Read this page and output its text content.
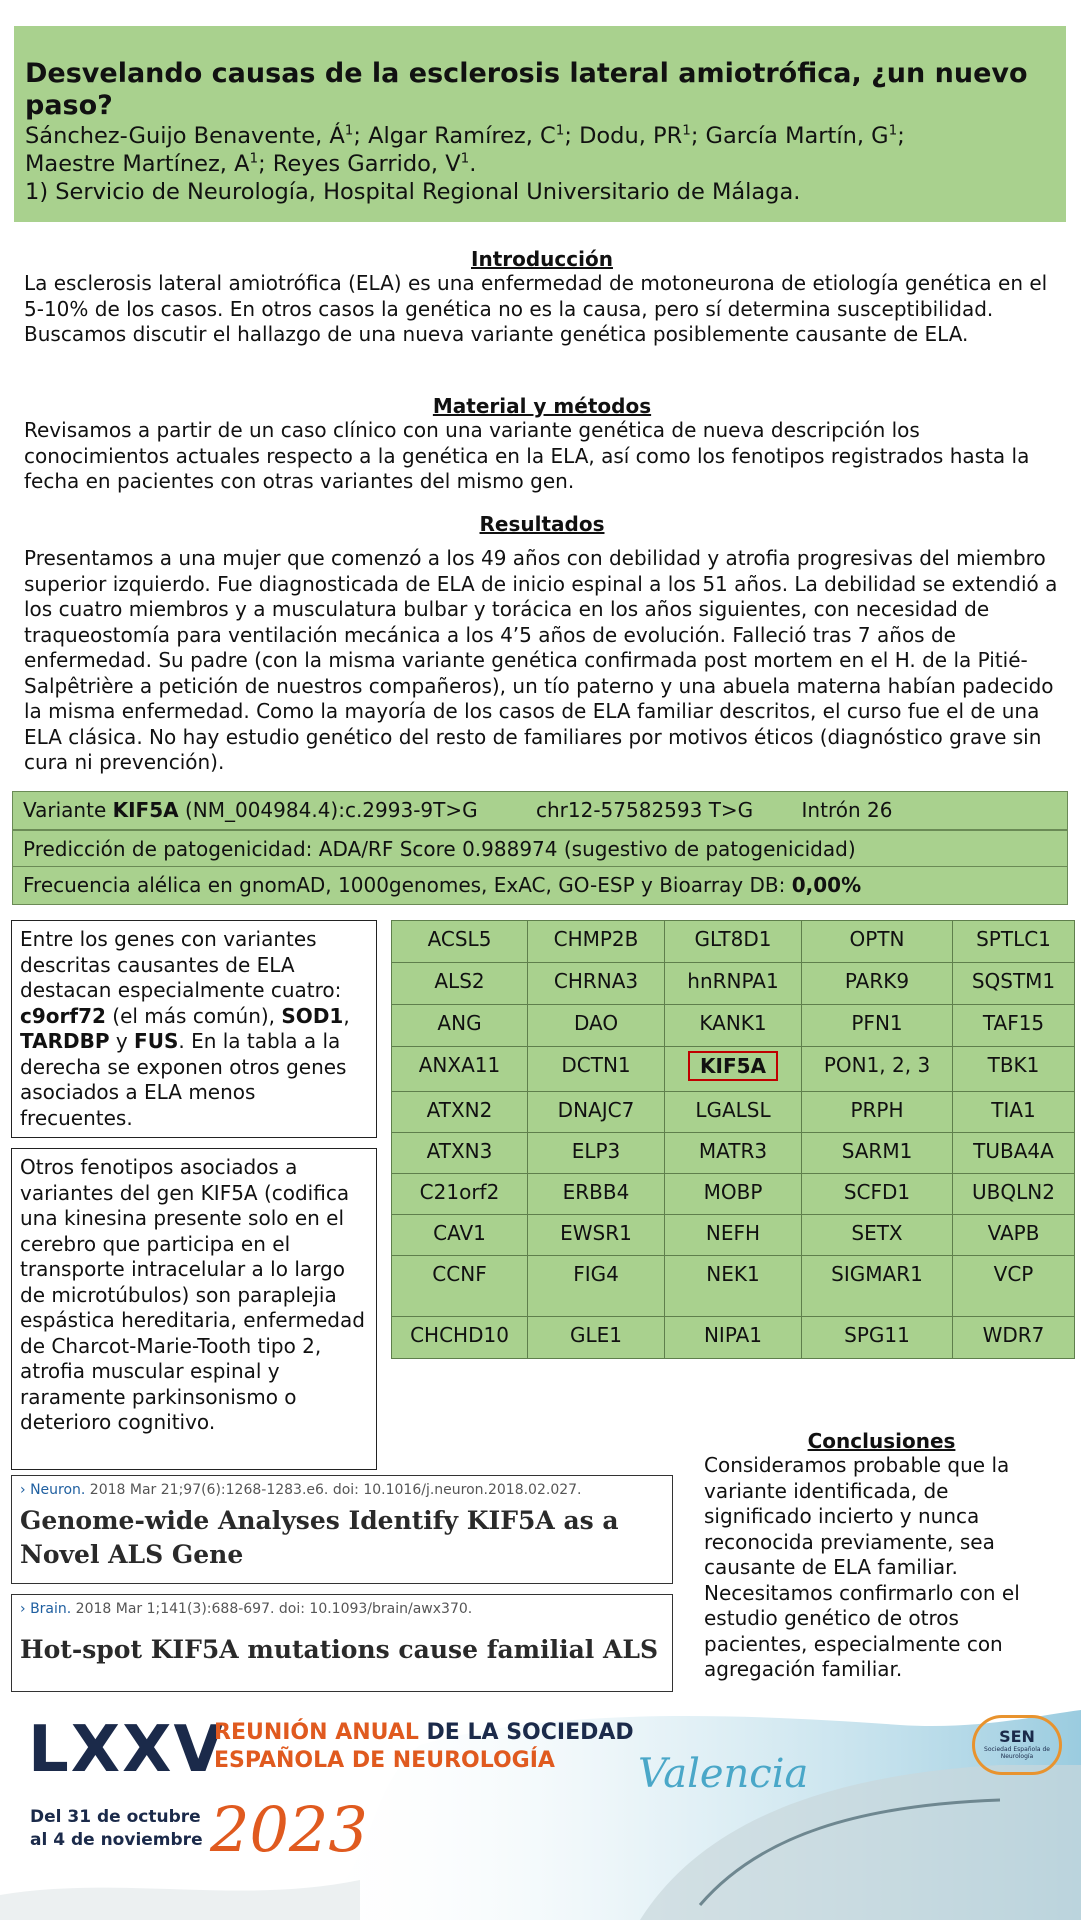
Desvelando causas de la esclerosis lateral amiotrófica, ¿un nuevo paso?

Sánchez-Guijo Benavente, $Á^1$; Algar Ramírez, $C^1$; Dodu, $PR^1$; García Martín, $G^1$;

Maestre Martínez, $A^1$; Reyes Garrido, $V^1$.

1) Servicio de Neurología, Hospital Regional Universitario de Málaga.

Introducción

La esclerosis lateral amiotrófica (ELA) es una enfermedad de motoneurona de etiología genética en el 5-10% de los casos. En otros casos la genética no es la causa, pero sí determina susceptibilidad. Buscamos discutir el hallazgo de una nueva variante genética posiblemente causante de ELA.

Material y métodos

Revisamos a partir de un caso clínico con una variante genética de nueva descripción los conocimientos actuales respecto a la genética en la ELA, así como los fenotipos registrados hasta la fecha en pacientes con otras variantes del mismo gen.

Resultados

Presentamos a una mujer que comenzó a los 49 años con debilidad y atrofia progresivas del miembro superior izquierdo. Fue diagnosticada de ELA de inicio espinal a los 51 años. La debilidad se extendió a los cuatro miembros y a musculatura bulbar y torácica en los años siguientes, con necesidad de traqueostomía para ventilación mecánica a los 4’5 años de evolución. Falleció tras 7 años de enfermedad. Su padre (con la misma variante genética confirmada post mortem en el H. de la Pitié-Salpêtrière a petición de nuestros compañeros), un tío paterno y una abuela materna habían padecido la misma enfermedad. Como la mayoría de los casos de ELA familiar descritos, el curso fue el de una ELA clásica. No hay estudio genético del resto de familiares por motivos éticos (diagnóstico grave sin cura ni prevención).

Variante KIF5A (NM_004984.4):c.2993-9T>G	chr12-57582593 T>G Intrón 26
Predicción de patogenicidad: ADA/RF Score 0.988974 (sugestivo de patogenicidad)
Frecuencia alélica en gnomAD, 1000genomes, ExAC, GO-ESP y Bioarray DB: 0,00%
Entre los genes con variantes descritas causantes de ELA destacan especialmente cuatro: c9orf72 (el más común), SOD1, TARDBP y FUS. En la tabla a la derecha se exponen otros genes asociados a ELA menos frecuentes.
Otros fenotipos asociados a variantes del gen KIF5A (codifica una kinesina presente solo en el cerebro que participa en el transporte intracelular a lo largo de microtúbulos) son paraplejia espástica hereditaria, enfermedad de Charcot-Marie-Tooth tipo 2, atrofia muscular espinal y raramente parkinsonismo o deterioro cognitivo.
ACSL5	CHMP2B	GLT8D1	OPTN	SPTLC1
ALS2	CHRNA3	hnRNPA1	PARK9	SQSTM1
ANG	DAO	KANK1	PFN1	TAF15
ANXA11	DCTN1	KIF5A	PON1, 2, 3	TBK1
ATXN2	DNAJC7	LGALSL	PRPH	TIA1
ATXN3	ELP3	MATR3	SARM1	TUBA4A
C21orf2	ERBB4	MOBP	SCFD1	UBQLN2
CAV1	EWSR1	NEFH	SETX	VAPB
CCNF	FIG4	NEK1	SIGMAR1	VCP
CHCHD10	GLE1	NIPA1	SPG11	WDR7
› Neuron. 2018 Mar 21;97(6):1268-1283.e6. doi: 10.1016/j.neuron.2018.02.027.
Genome-wide Analyses Identify KIF5A as a Novel ALS Gene
› Brain. 2018 Mar 1;141(3):688-697. doi: 10.1093/brain/awx370.
Hot-spot KIF5A mutations cause familial ALS

Conclusiones

Consideramos probable que la variante identificada, de significado incierto y nunca reconocida previamente, sea causante de ELA familiar. Necesitamos confirmarlo con el estudio genético de otros pacientes, especialmente con agregación familiar.

LXXV
REUNIÓN ANUAL DE LA SOCIEDAD
ESPAÑOLA DE NEUROLOGÍA
Del 31 de octubre
al 4 de noviembre 2023
Valencia
SEN
Sociedad Española de Neurología
